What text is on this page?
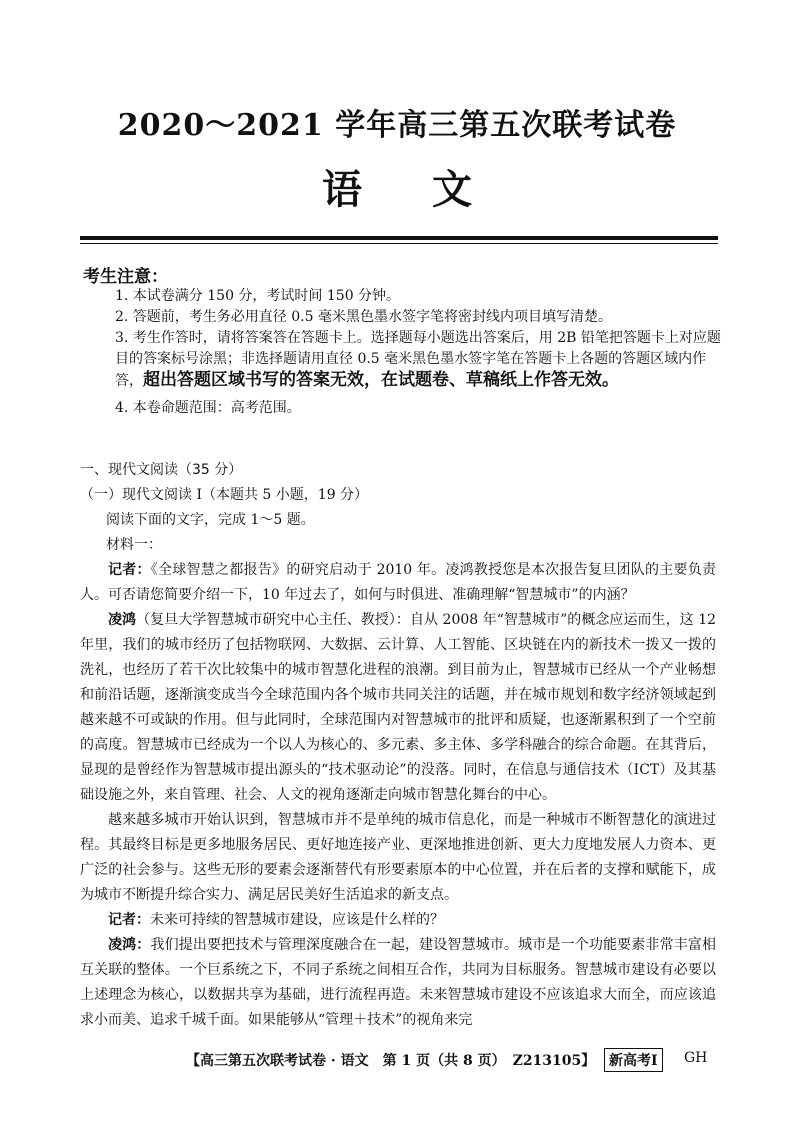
2020～2021 学年高三第五次联考试卷
语文
考生注意：

1. 本试卷满分 150 分，考试时间 150 分钟。

2. 答题前，考生务必用直径 0.5 毫米黑色墨水签字笔将密封线内项目填写清楚。

3. 考生作答时，请将答案答在答题卡上。选择题每小题选出答案后，用 2B 铅笔把答题卡上对应题目的答案标号涂黑；非选择题请用直径 0.5 毫米黑色墨水签字笔在答题卡上各题的答题区域内作答，超出答题区域书写的答案无效，在试题卷、草稿纸上作答无效。

4. 本卷命题范围：高考范围。

一、现代文阅读（35 分）

（一）现代文阅读 I（本题共 5 小题，19 分）

阅读下面的文字，完成 1～5 题。

材料一：

记者：《全球智慧之都报告》的研究启动于 2010 年。凌鸿教授您是本次报告复旦团队的主要负责人。可否请您简要介绍一下，10 年过去了，如何与时俱进、准确理解“智慧城市”的内涵？

凌鸿（复旦大学智慧城市研究中心主任、教授）：自从 2008 年“智慧城市”的概念应运而生，这 12 年里，我们的城市经历了包括物联网、大数据、云计算、人工智能、区块链在内的新技术一拨又一拨的洗礼，也经历了若干次比较集中的城市智慧化进程的浪潮。到目前为止，智慧城市已经从一个产业畅想和前沿话题，逐渐演变成当今全球范围内各个城市共同关注的话题，并在城市规划和数字经济领域起到越来越不可或缺的作用。但与此同时，全球范围内对智慧城市的批评和质疑，也逐渐累积到了一个空前的高度。智慧城市已经成为一个以人为核心的、多元素、多主体、多学科融合的综合命题。在其背后，显现的是曾经作为智慧城市提出源头的“技术驱动论”的没落。同时，在信息与通信技术（ICT）及其基础设施之外，来自管理、社会、人文的视角逐渐走向城市智慧化舞台的中心。

越来越多城市开始认识到，智慧城市并不是单纯的城市信息化，而是一种城市不断智慧化的演进过程。其最终目标是更多地服务居民、更好地连接产业、更深地推进创新、更大力度地发展人力资本、更广泛的社会参与。这些无形的要素会逐渐替代有形要素原本的中心位置，并在后者的支撑和赋能下，成为城市不断提升综合实力、满足居民美好生活追求的新支点。

记者：未来可持续的智慧城市建设，应该是什么样的？

凌鸿：我们提出要把技术与管理深度融合在一起，建设智慧城市。城市是一个功能要素非常丰富相互关联的整体。一个巨系统之下，不同子系统之间相互合作，共同为目标服务。智慧城市建设有必要以上述理念为核心，以数据共享为基础，进行流程再造。未来智慧城市建设不应该追求大而全，而应该追求小而美、追求千城千面。如果能够从“管理＋技术”的视角来完

【高三第五次联考试卷 · 语文　第 1 页（共 8 页）　Z213105】 新高考Ⅰ	GH
